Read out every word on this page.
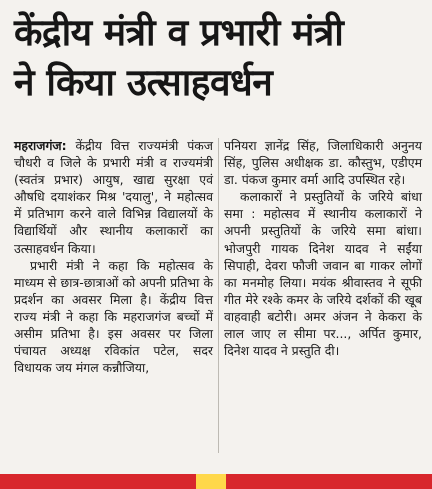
केंद्रीय मंत्री व प्रभारी मंत्री
ने किया उत्साहवर्धन

महराजगंज: केंद्रीय वित्त राज्यमंत्री पंकज चौधरी व जिले के प्रभारी मंत्री व राज्यमंत्री (स्वतंत्र प्रभार) आयुष, खाद्य सुरक्षा एवं औषधि दयाशंकर मिश्र 'दयालु', ने महोत्सव में प्रतिभाग करने वाले विभिन्न विद्यालयों के विद्यार्थियों और स्थानीय कलाकारों का उत्साहवर्धन किया।

प्रभारी मंत्री ने कहा कि महोत्सव के माध्यम से छात्र-छात्राओं को अपनी प्रतिभा के प्रदर्शन का अवसर मिला है। केंद्रीय वित्त राज्य मंत्री ने कहा कि महराजगंज बच्चों में असीम प्रतिभा है। इस अवसर पर जिला पंचायत अध्यक्ष रविकांत पटेल, सदर विधायक जय मंगल कन्नौजिया,

पनियरा ज्ञानेंद्र सिंह, जिलाधिकारी अनुनय सिंह, पुलिस अधीक्षक डा. कौस्तुभ, एडीएम डा. पंकज कुमार वर्मा आदि उपस्थित रहे।

कलाकारों ने प्रस्तुतियों के जरिये बांधा समा : महोत्सव में स्थानीय कलाकारों ने अपनी प्रस्तुतियों के जरिये समा बांधा। भोजपुरी गायक दिनेश यादव ने सईंया सिपाही, देवरा फौजी जवान बा गाकर लोगों का मनमोह लिया। मयंक श्रीवास्तव ने सूफी गीत मेरे रश्के कमर के जरिये दर्शकों की खूब वाहवाही बटोरी। अमर अंजन ने केकरा के लाल जाए ल सीमा पर..., अर्पित कुमार, दिनेश यादव ने प्रस्तुति दी।
